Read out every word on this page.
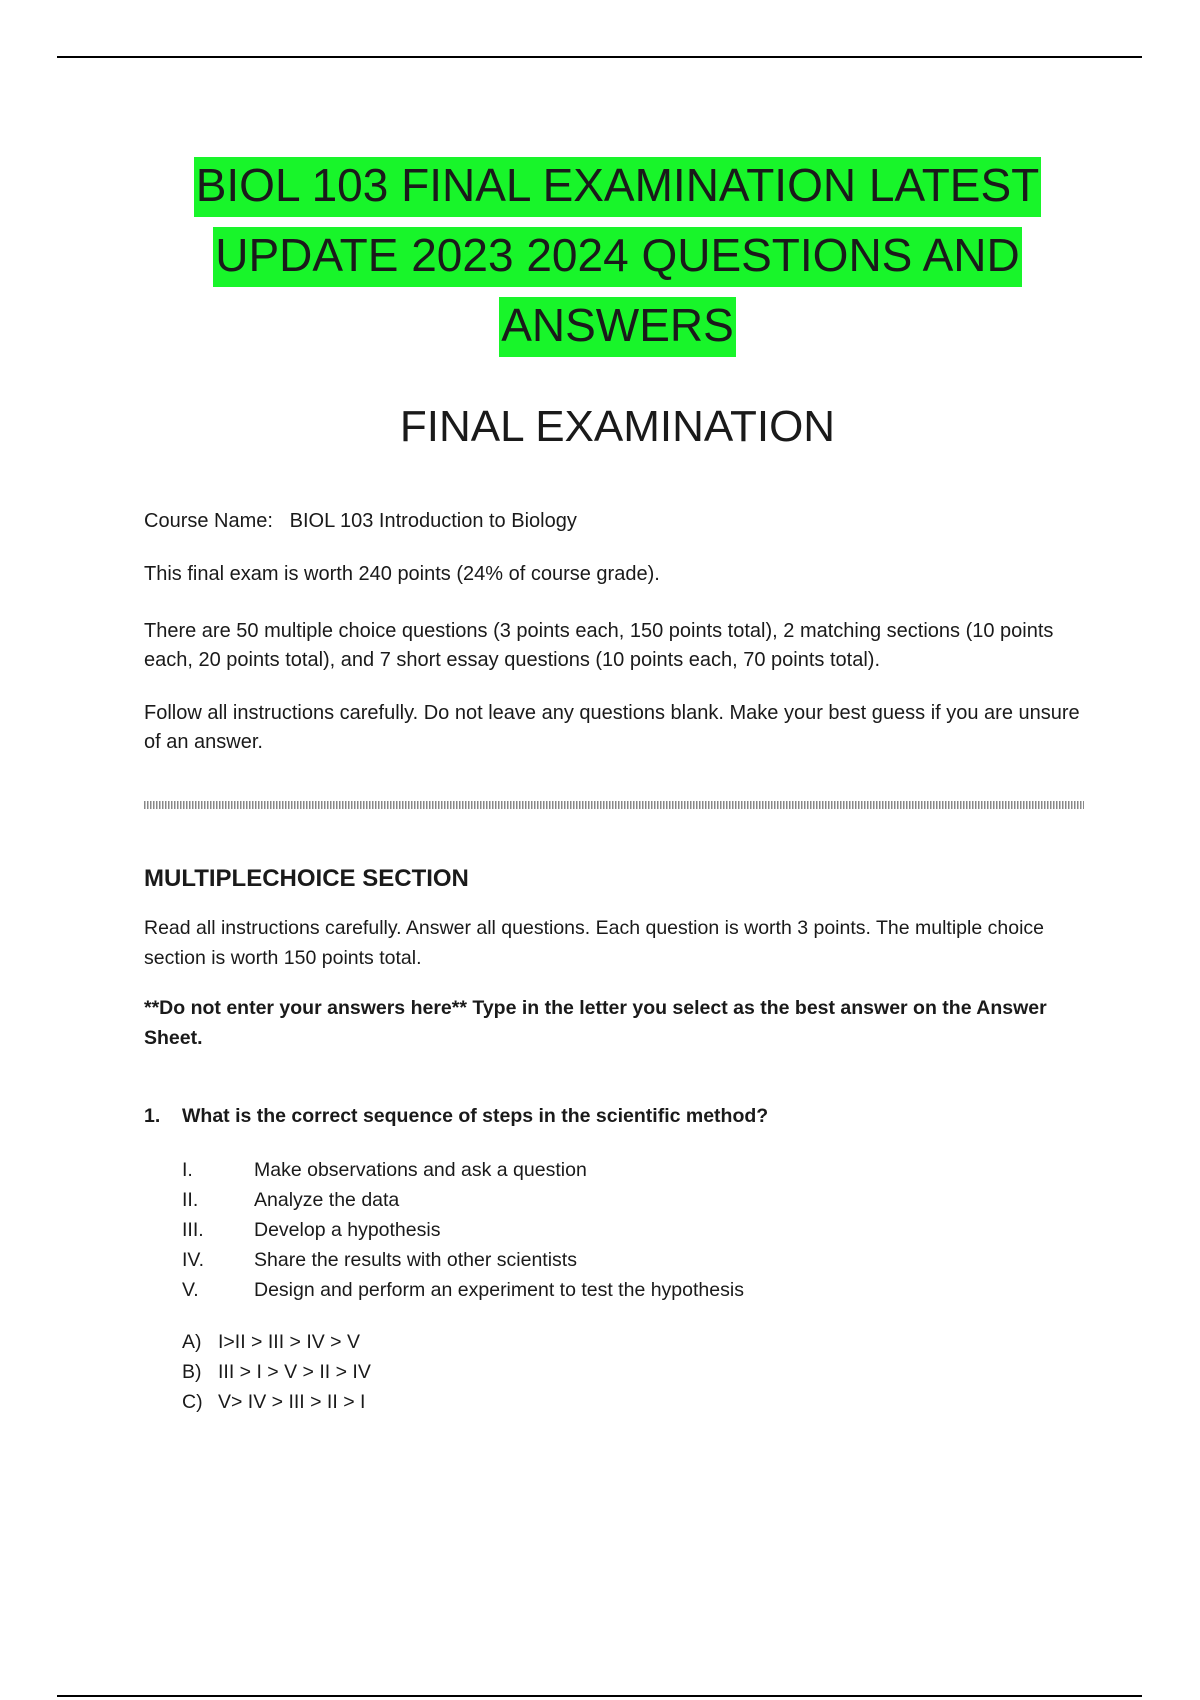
BIOL 103 FINAL EXAMINATION LATEST
UPDATE 2023 2024 QUESTIONS AND
ANSWERS
FINAL EXAMINATION
Course Name: BIOL 103 Introduction to Biology
This final exam is worth 240 points (24% of course grade).
There are 50 multiple choice questions (3 points each, 150 points total), 2 matching sections (10 points each, 20 points total), and 7 short essay questions (10 points each, 70 points total).
Follow all instructions carefully. Do not leave any questions blank. Make your best guess if you are unsure of an answer.
MULTIPLECHOICE SECTION
Read all instructions carefully. Answer all questions. Each question is worth 3 points. The multiple choice section is worth 150 points total.
**Do not enter your answers here** Type in the letter you select as the best answer on the Answer Sheet.
1. What is the correct sequence of steps in the scientific method?
I.	Make observations and ask a question
II.	Analyze the data
III.	Develop a hypothesis
IV.	Share the results with other scientists
V.	Design and perform an experiment to test the hypothesis
A) I>II > III > IV > V
B) III > I > V > II > IV
C) V> IV > III > II > I
